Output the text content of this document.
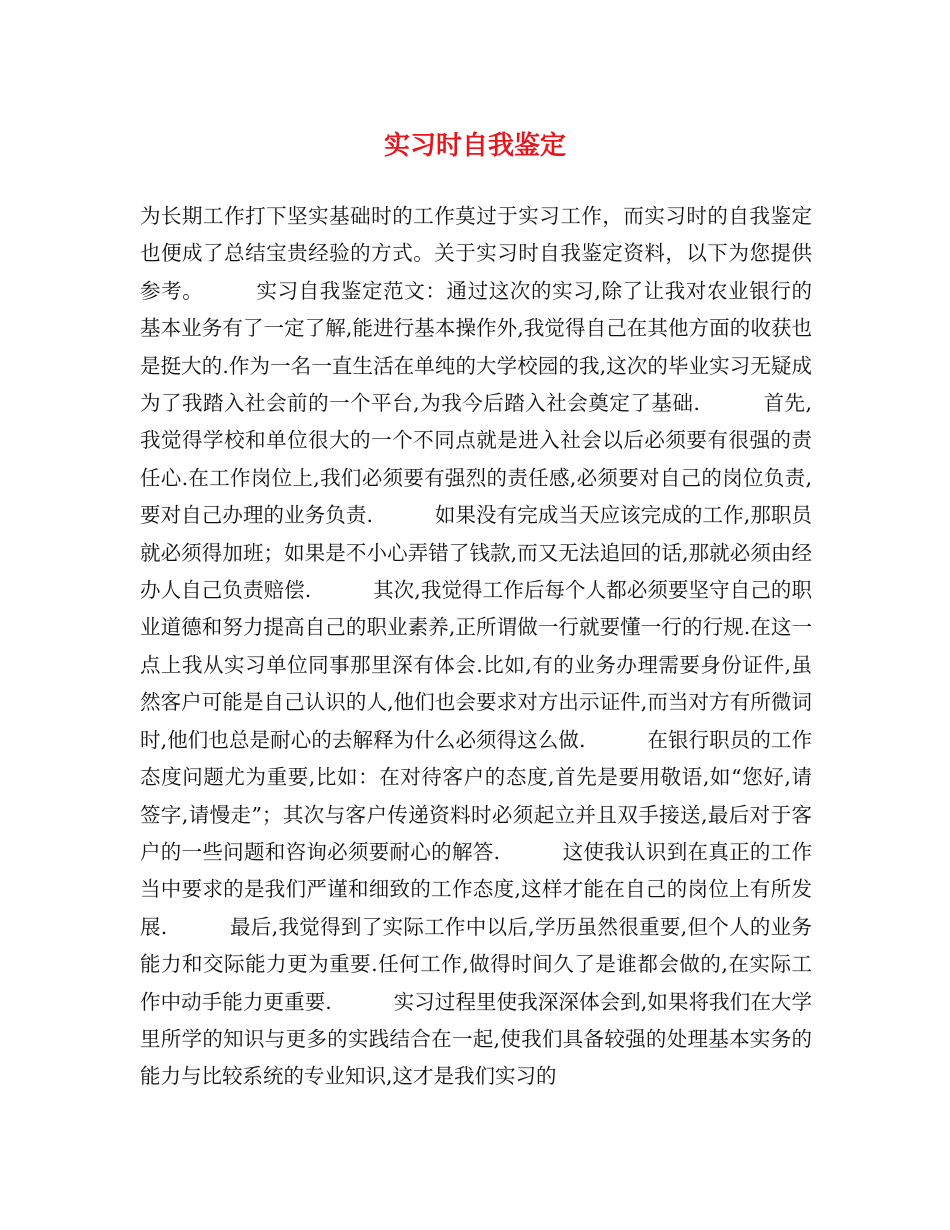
实习时自我鉴定

为长期工作打下坚实基础时的工作莫过于实习工作，而实习时的自我鉴定也便成了总结宝贵经验的方式。关于实习时自我鉴定资料，以下为您提供参考。　　　实习自我鉴定范文：通过这次的实习,除了让我对农业银行的基本业务有了一定了解,能进行基本操作外,我觉得自己在其他方面的收获也是挺大的.作为一名一直生活在单纯的大学校园的我,这次的毕业实习无疑成为了我踏入社会前的一个平台,为我今后踏入社会奠定了基础.　　　首先,我觉得学校和单位很大的一个不同点就是进入社会以后必须要有很强的责任心.在工作岗位上,我们必须要有强烈的责任感,必须要对自己的岗位负责,要对自己办理的业务负责.　　　如果没有完成当天应该完成的工作,那职员就必须得加班；如果是不小心弄错了钱款,而又无法追回的话,那就必须由经办人自己负责赔偿.　　　其次,我觉得工作后每个人都必须要坚守自己的职业道德和努力提高自己的职业素养,正所谓做一行就要懂一行的行规.在这一点上我从实习单位同事那里深有体会.比如,有的业务办理需要身份证件,虽然客户可能是自己认识的人,他们也会要求对方出示证件,而当对方有所微词时,他们也总是耐心的去解释为什么必须得这么做.　　　在银行职员的工作态度问题尤为重要,比如：在对待客户的态度,首先是要用敬语,如“您好,请签字,请慢走”；其次与客户传递资料时必须起立并且双手接送,最后对于客户的一些问题和咨询必须要耐心的解答.　　　这使我认识到在真正的工作当中要求的是我们严谨和细致的工作态度,这样才能在自己的岗位上有所发展.　　　最后,我觉得到了实际工作中以后,学历虽然很重要,但个人的业务能力和交际能力更为重要.任何工作,做得时间久了是谁都会做的,在实际工作中动手能力更重要.　　　实习过程里使我深深体会到,如果将我们在大学里所学的知识与更多的实践结合在一起,使我们具备较强的处理基本实务的能力与比较系统的专业知识,这才是我们实习的
